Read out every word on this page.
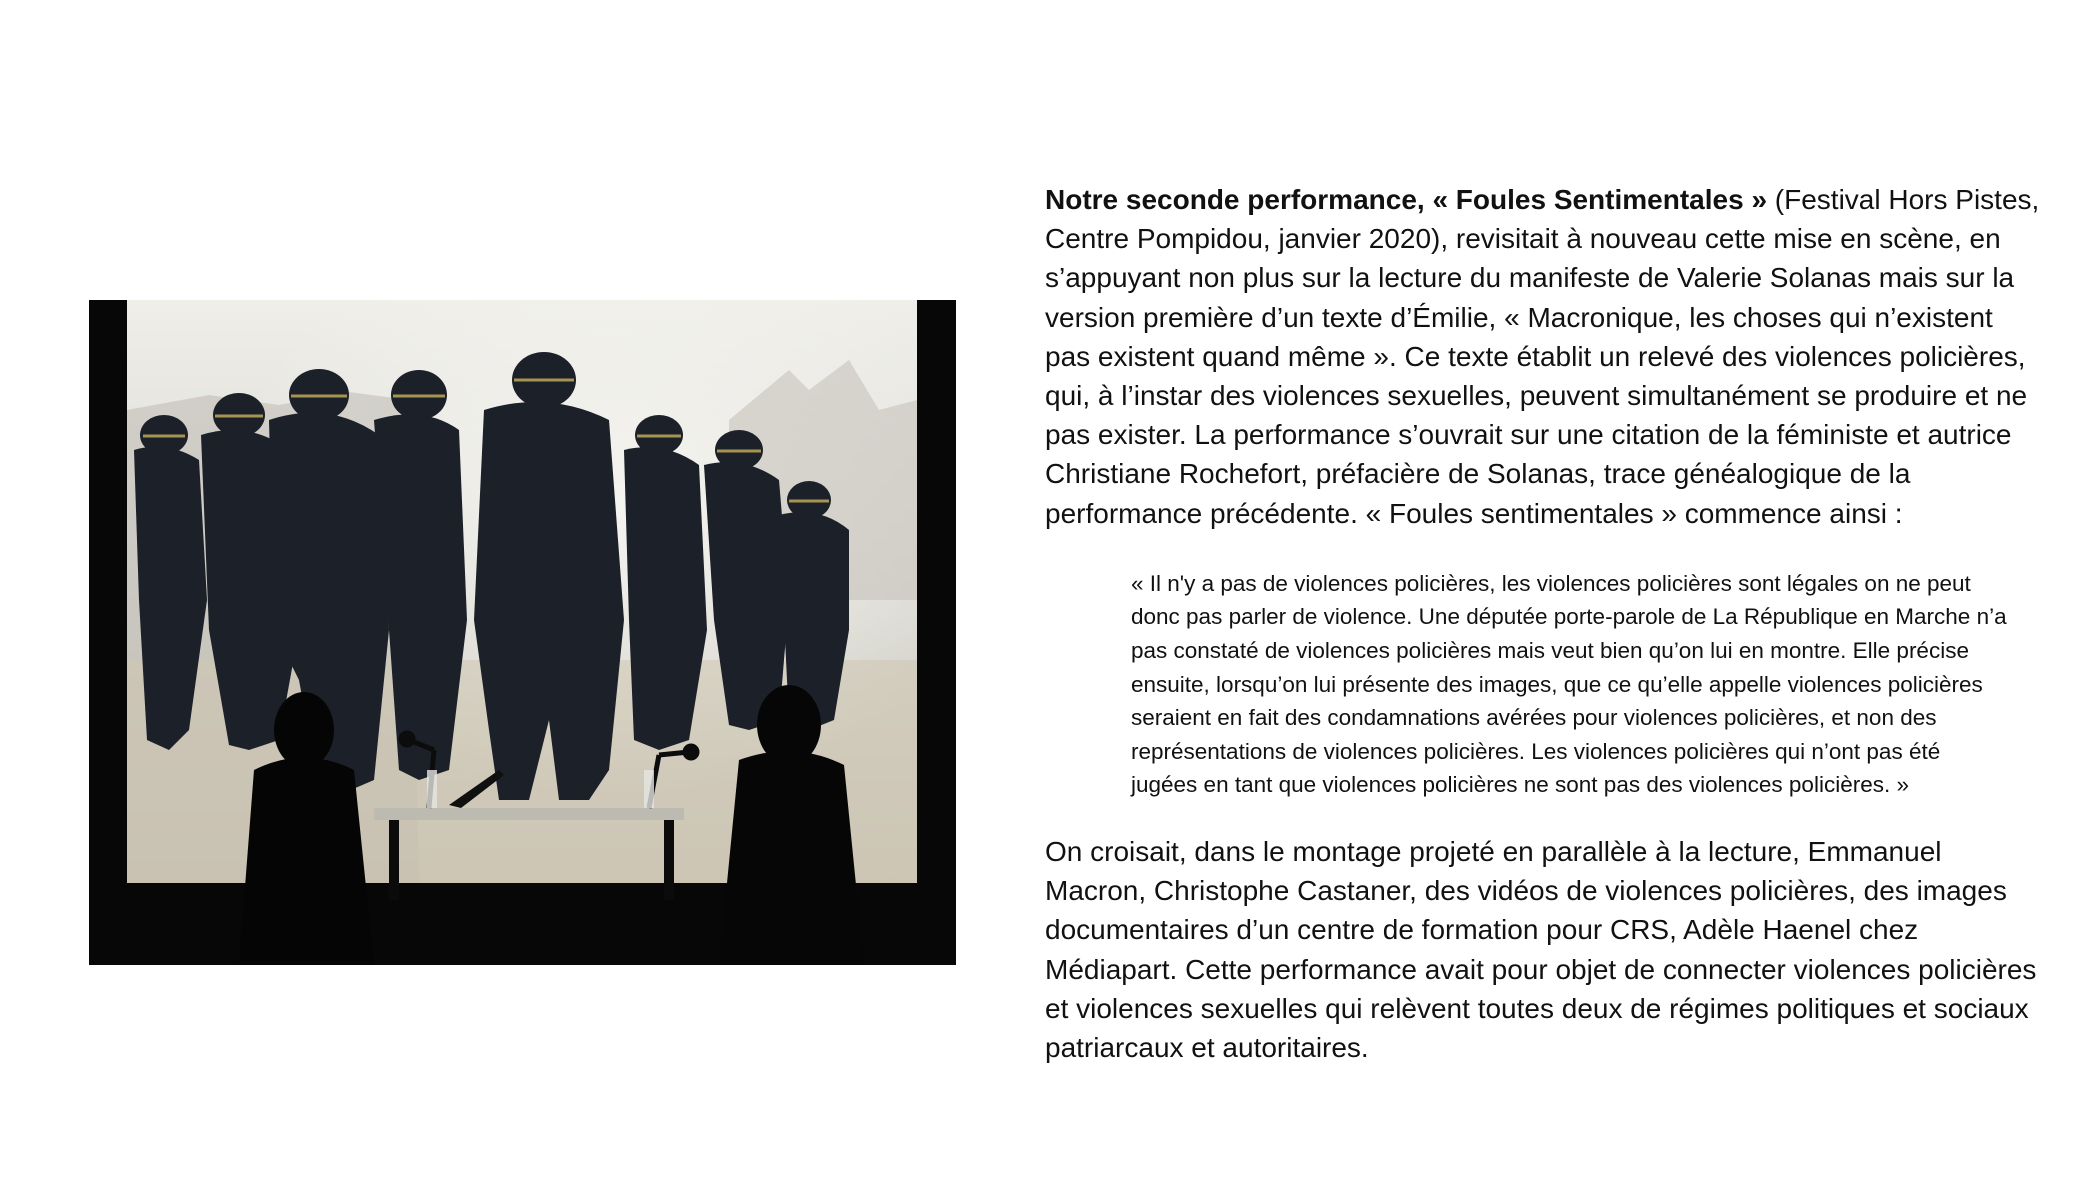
Notre seconde performance, « Foules Sentimentales » (Festival Hors Pistes, Centre Pompidou, janvier 2020), revisitait à nouveau cette mise en scène, en s’appuyant non plus sur la lecture du manifeste de Valerie Solanas mais sur la version première d’un texte d’Émilie, « Macronique, les choses qui n’existent pas existent quand même ». Ce texte établit un relevé des violences policières, qui, à l’instar des violences sexuelles, peuvent simultanément se produire et ne pas exister. La performance s’ouvrait sur une citation de la féministe et autrice Christiane Rochefort, préfacière de Solanas, trace généalogique de la performance précédente. « Foules sentimentales » commence ainsi :

« Il n'y a pas de violences policières, les violences policières sont légales on ne peut donc pas parler de violence. Une députée porte-parole de La République en Marche n’a pas constaté de violences policières mais veut bien qu’on lui en montre. Elle précise ensuite, lorsqu’on lui présente des images, que ce qu’elle appelle violences policières seraient en fait des condamnations avérées pour violences policières, et non des représentations de violences policières. Les violences policières qui n’ont pas été jugées en tant que violences policières ne sont pas des violences policières. »

On croisait, dans le montage projeté en parallèle à la lecture, Emmanuel Macron, Christophe Castaner, des vidéos de violences policières, des images documentaires d’un centre de formation pour CRS, Adèle Haenel chez Médiapart. Cette performance avait pour objet de connecter violences policières et violences sexuelles qui relèvent toutes deux de régimes politiques et sociaux patriarcaux et autoritaires.
